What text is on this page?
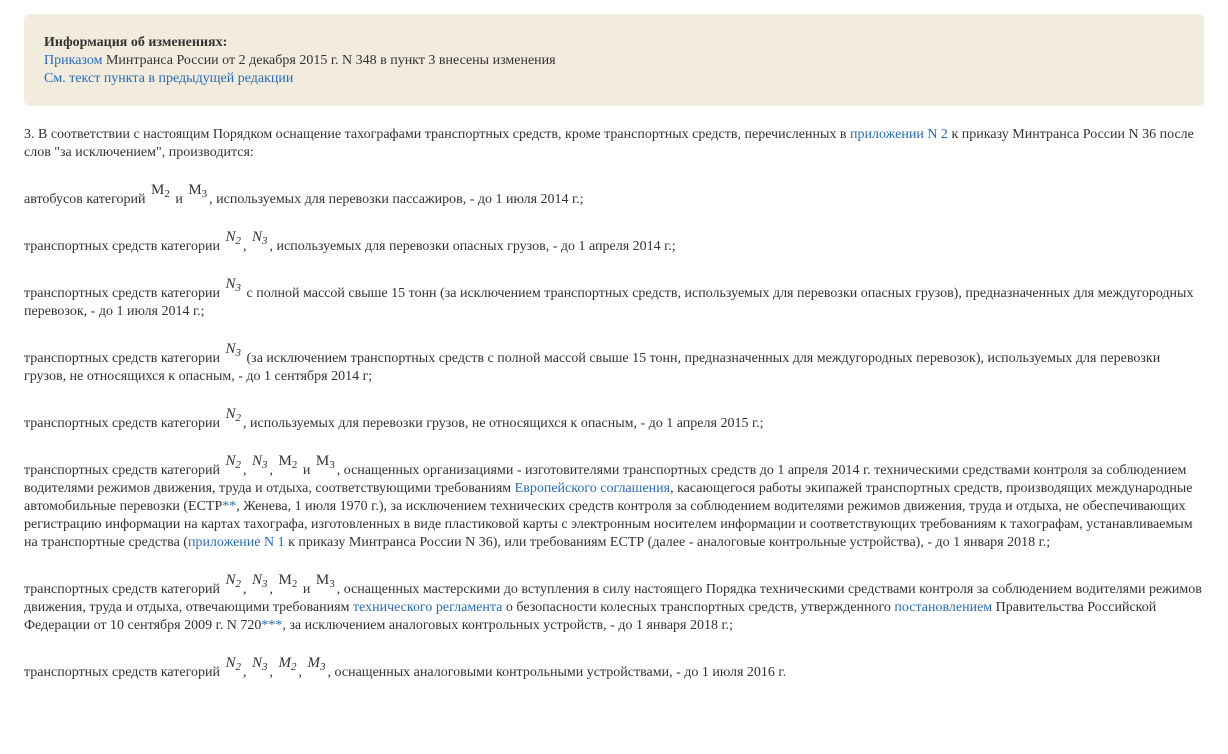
Информация об изменениях:
Приказом Минтранса России от 2 декабря 2015 г. N 348 в пункт 3 внесены изменения
См. текст пункта в предыдущей редакции

3. В соответствии с настоящим Порядком оснащение тахографами транспортных средств, кроме транспортных средств, перечисленных в приложении N 2 к приказу Минтранса России N 36 после слов "за исключением", производится:

автобусов категорий $M_2$ и $M_3$ , используемых для перевозки пассажиров, - до 1 июля 2014 г.;

транспортных средств категории $N_2$ , $N_3$ , используемых для перевозки опасных грузов, - до 1 апреля 2014 г.;

транспортных средств категории $N_3$ с полной массой свыше 15 тонн (за исключением транспортных средств, используемых для перевозки опасных грузов), предназначенных для междугородных перевозок, - до 1 июля 2014 г.;

транспортных средств категории $N_3$ (за исключением транспортных средств с полной массой свыше 15 тонн, предназначенных для междугородных перевозок), используемых для перевозки грузов, не относящихся к опасным, - до 1 сентября 2014 г;

транспортных средств категории $N_2$ , используемых для перевозки грузов, не относящихся к опасным, - до 1 апреля 2015 г.;

транспортных средств категорий $N_2$ , $N_3$ , $M_2$ и $M_3$ , оснащенных организациями - изготовителями транспортных средств до 1 апреля 2014 г. техническими средствами контроля за соблюдением водителями режимов движения, труда и отдыха, соответствующими требованиям Европейского соглашения, касающегося работы экипажей транспортных средств, производящих международные автомобильные перевозки (ЕСТР**, Женева, 1 июля 1970 г.), за исключением технических средств контроля за соблюдением водителями режимов движения, труда и отдыха, не обеспечивающих регистрацию информации на картах тахографа, изготовленных в виде пластиковой карты с электронным носителем информации и соответствующих требованиям к тахографам, устанавливаемым на транспортные средства (приложение N 1 к приказу Минтранса России N 36), или требованиям ЕСТР (далее - аналоговые контрольные устройства), - до 1 января 2018 г.;

транспортных средств категорий $N_2$ , $N_3$ , $M_2$ и $M_3$ , оснащенных мастерскими до вступления в силу настоящего Порядка техническими средствами контроля за соблюдением водителями режимов движения, труда и отдыха, отвечающими требованиям технического регламента о безопасности колесных транспортных средств, утвержденного постановлением Правительства Российской Федерации от 10 сентября 2009 г. N 720***, за исключением аналоговых контрольных устройств, - до 1 января 2018 г.;

транспортных средств категорий $N_2$ , $N_3$ , $M_2$ , $M_3$ , оснащенных аналоговыми контрольными устройствами, - до 1 июля 2016 г.
